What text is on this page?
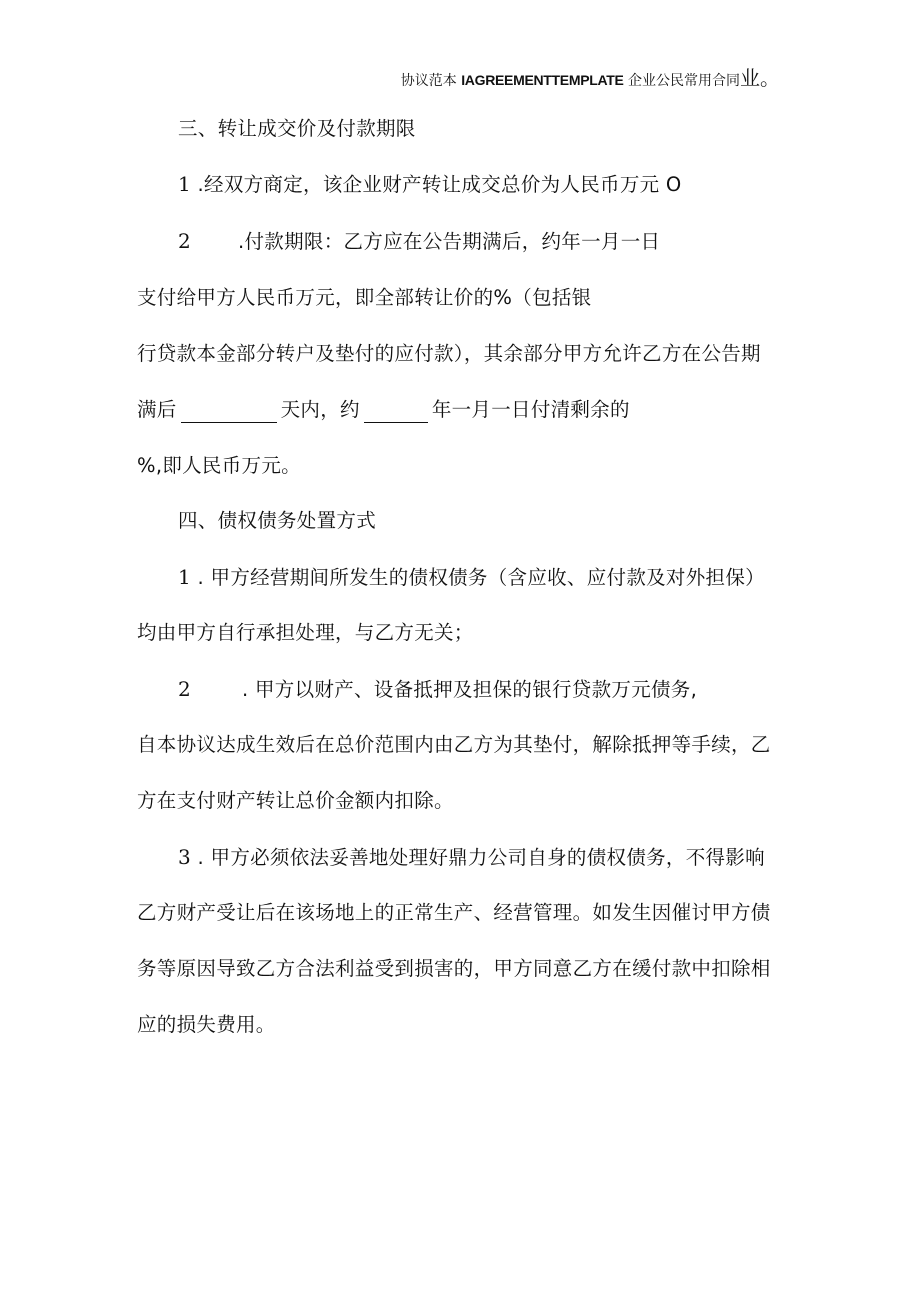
协议范本 IAGREEMENTTEMPLATE 企业公民常用合同业。
三、转让成交价及付款期限
1 .经双方商定，该企业财产转让成交总价为人民币万元 O
2 .付款期限：乙方应在公告期满后，约年一月一日
支付给甲方人民币万元，即全部转让价的%（包括银
行贷款本金部分转户及垫付的应付款），其余部分甲方允许乙方在公告期
满后	天内，约	年一月一日付清剩余的
%,即人民币万元。
四、债权债务处置方式
1 . 甲方经营期间所发生的债权债务（含应收、应付款及对外担保）
均由甲方自行承担处理，与乙方无关；
2	. 甲方以财产、设备抵押及担保的银行贷款万元债务,
自本协议达成生效后在总价范围内由乙方为其垫付，解除抵押等手续，乙
方在支付财产转让总价金额内扣除。
3 . 甲方必须依法妥善地处理好鼎力公司自身的债权债务，不得影响
乙方财产受让后在该场地上的正常生产、经营管理。如发生因催讨甲方债
务等原因导致乙方合法利益受到损害的，甲方同意乙方在缓付款中扣除相
应的损失费用。
